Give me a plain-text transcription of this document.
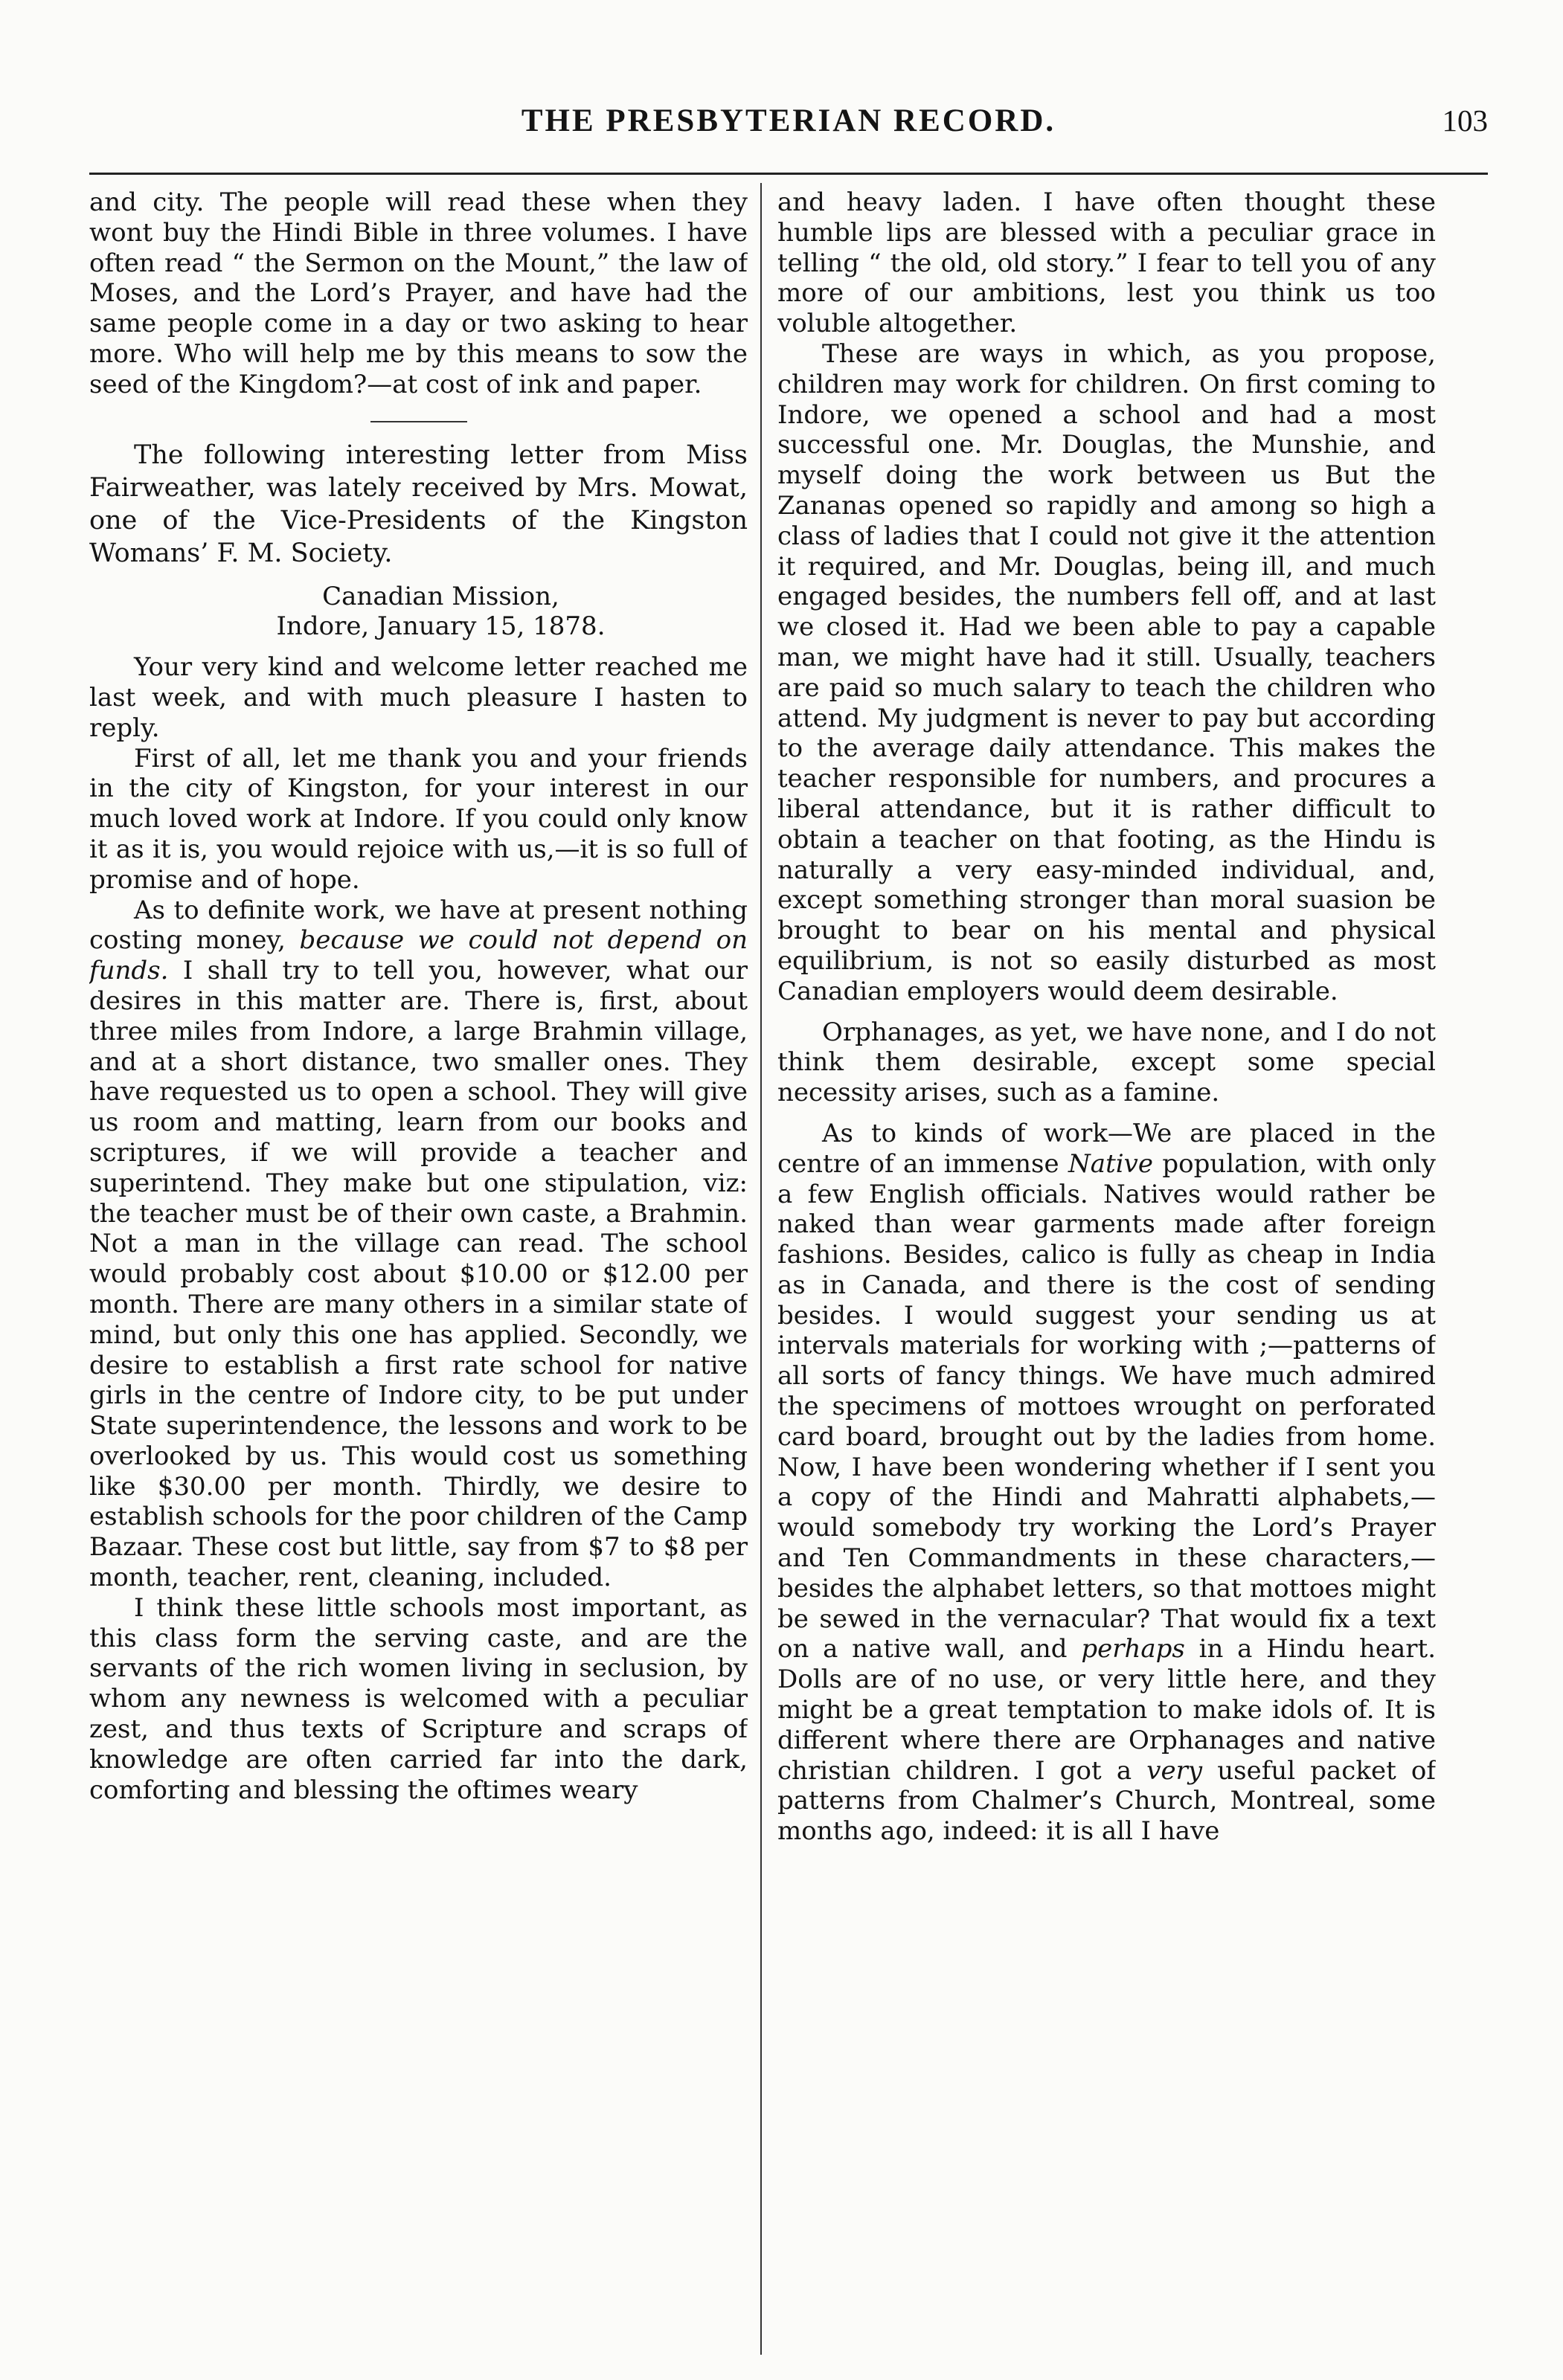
THE PRESBYTERIAN RECORD.	103

and city. The people will read these when they wont buy the Hindi Bible in three volumes. I have often read “ the Sermon on the Mount,” the law of Moses, and the Lord’s Prayer, and have had the same people come in a day or two asking to hear more. Who will help me by this means to sow the seed of the Kingdom?—at cost of ink and paper.

The following interesting letter from Miss Fairweather, was lately received by Mrs. Mowat, one of the Vice-Presidents of the Kingston Womans’ F. M. Society.

Canadian Mission,
Indore, January 15, 1878.

Your very kind and welcome letter reached me last week, and with much pleasure I hasten to reply.

First of all, let me thank you and your friends in the city of Kingston, for your interest in our much loved work at Indore. If you could only know it as it is, you would rejoice with us,—it is so full of promise and of hope.

As to definite work, we have at present nothing costing money, because we could not depend on funds. I shall try to tell you, however, what our desires in this matter are. There is, first, about three miles from Indore, a large Brahmin village, and at a short distance, two smaller ones. They have requested us to open a school. They will give us room and matting, learn from our books and scriptures, if we will provide a teacher and superintend. They make but one stipulation, viz: the teacher must be of their own caste, a Brahmin. Not a man in the village can read. The school would probably cost about $10.00 or $12.00 per month. There are many others in a similar state of mind, but only this one has applied. Secondly, we desire to establish a first rate school for native girls in the centre of Indore city, to be put under State superintendence, the lessons and work to be overlooked by us. This would cost us something like $30.00 per month. Thirdly, we desire to establish schools for the poor children of the Camp Bazaar. These cost but little, say from $7 to $8 per month, teacher, rent, cleaning, included.

I think these little schools most important, as this class form the serving caste, and are the servants of the rich women living in seclusion, by whom any newness is welcomed with a peculiar zest, and thus texts of Scripture and scraps of knowledge are often carried far into the dark, comforting and blessing the oftimes weary

and heavy laden. I have often thought these humble lips are blessed with a peculiar grace in telling “ the old, old story.” I fear to tell you of any more of our ambitions, lest you think us too voluble altogether.

These are ways in which, as you propose, children may work for children. On first coming to Indore, we opened a school and had a most successful one. Mr. Douglas, the Munshie, and myself doing the work between us But the Zananas opened so rapidly and among so high a class of ladies that I could not give it the attention it required, and Mr. Douglas, being ill, and much engaged besides, the numbers fell off, and at last we closed it. Had we been able to pay a capable man, we might have had it still. Usually, teachers are paid so much salary to teach the children who attend. My judgment is never to pay but according to the average daily attendance. This makes the teacher responsible for numbers, and procures a liberal attendance, but it is rather difficult to obtain a teacher on that footing, as the Hindu is naturally a very easy-minded individual, and, except something stronger than moral suasion be brought to bear on his mental and physical equilibrium, is not so easily disturbed as most Canadian employers would deem desirable.

Orphanages, as yet, we have none, and I do not think them desirable, except some special necessity arises, such as a famine.

As to kinds of work—We are placed in the centre of an immense Native population, with only a few English officials. Natives would rather be naked than wear garments made after foreign fashions. Besides, calico is fully as cheap in India as in Canada, and there is the cost of sending besides. I would suggest your sending us at intervals materials for working with ;—patterns of all sorts of fancy things. We have much admired the specimens of mottoes wrought on perforated card board, brought out by the ladies from home. Now, I have been wondering whether if I sent you a copy of the Hindi and Mahratti alphabets,—would somebody try working the Lord’s Prayer and Ten Commandments in these characters,—besides the alphabet letters, so that mottoes might be sewed in the vernacular? That would fix a text on a native wall, and perhaps in a Hindu heart. Dolls are of no use, or very little here, and they might be a great temptation to make idols of. It is different where there are Orphanages and native christian children. I got a very useful packet of patterns from Chalmer’s Church, Montreal, some months ago, indeed: it is all I have
